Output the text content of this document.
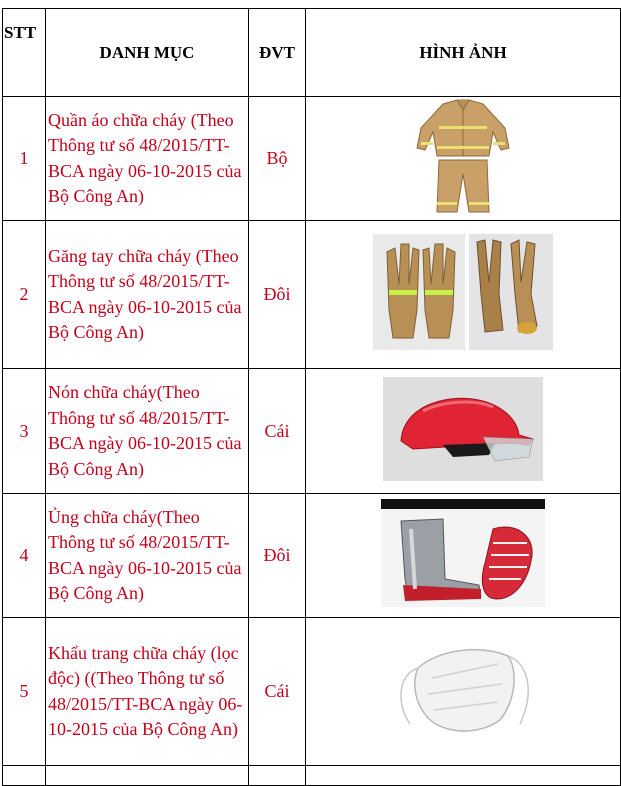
STT	DANH MỤC	ĐVT	HÌNH ẢNH
1	Quần áo chữa cháy (Theo Thông tư số 48/2015/TT-BCA ngày 06-10-2015 của Bộ Công An)	Bộ	
2	Găng tay chữa cháy (Theo Thông tư số 48/2015/TT-BCA ngày 06-10-2015 của Bộ Công An)	Đôi	
3	Nón chữa cháy(Theo Thông tư số 48/2015/TT-BCA ngày 06-10-2015 của Bộ Công An)	Cái	
4	Ủng chữa cháy(Theo Thông tư số 48/2015/TT-BCA ngày 06-10-2015 của Bộ Công An)	Đôi	
5	Khẩu trang chữa cháy (lọc độc) ((Theo Thông tư số 48/2015/TT-BCA ngày 06-10-2015 của Bộ Công An)	Cái	
